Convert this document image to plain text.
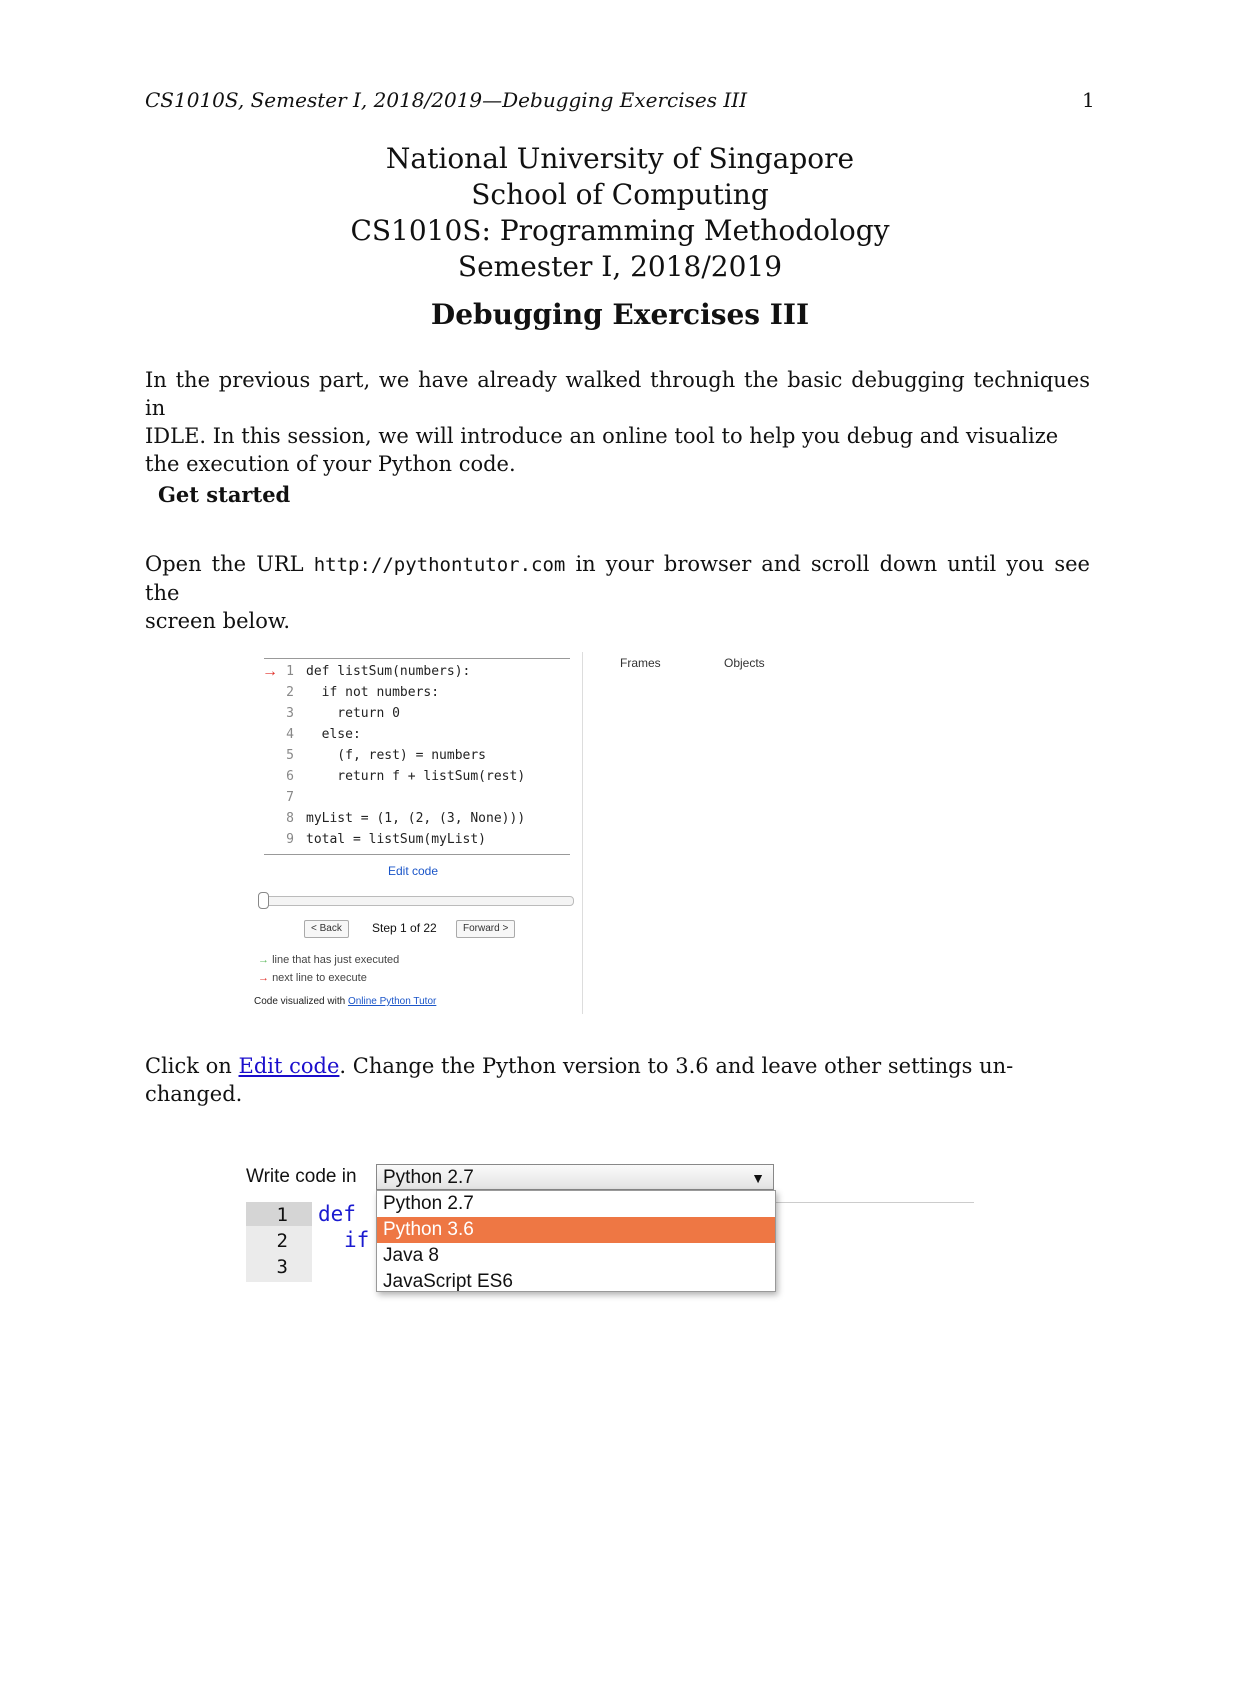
CS1010S, Semester I, 2018/2019—Debugging Exercises III	1
National University of Singapore
School of Computing
CS1010S: Programming Methodology
Semester I, 2018/2019
Debugging Exercises III
In the previous part, we have already walked through the basic debugging techniques in
IDLE. In this session, we will introduce an online tool to help you debug and visualize
the execution of your Python code.
Get started
Open the URL http://pythontutor.com in your browser and scroll down until you see the
screen below.
→ 1 def listSum(numbers):
2  if not numbers:
3    return 0
4  else:
5    (f, rest) = numbers
6    return f + listSum(rest)
7
8 myList = (1, (2, (3, None)))
9 total = listSum(myList)
Frames	Objects
Edit code
< Back	Step 1 of 22	Forward >
→ line that has just executed
→ next line to execute
Code visualized with Online Python Tutor
Click on Edit code. Change the Python version to 3.6 and leave other settings un-
changed.
Write code in	Python 2.7	▼
1
2
3
def
if
Python 2.7
Python 3.6
Java 8
JavaScript ES6
